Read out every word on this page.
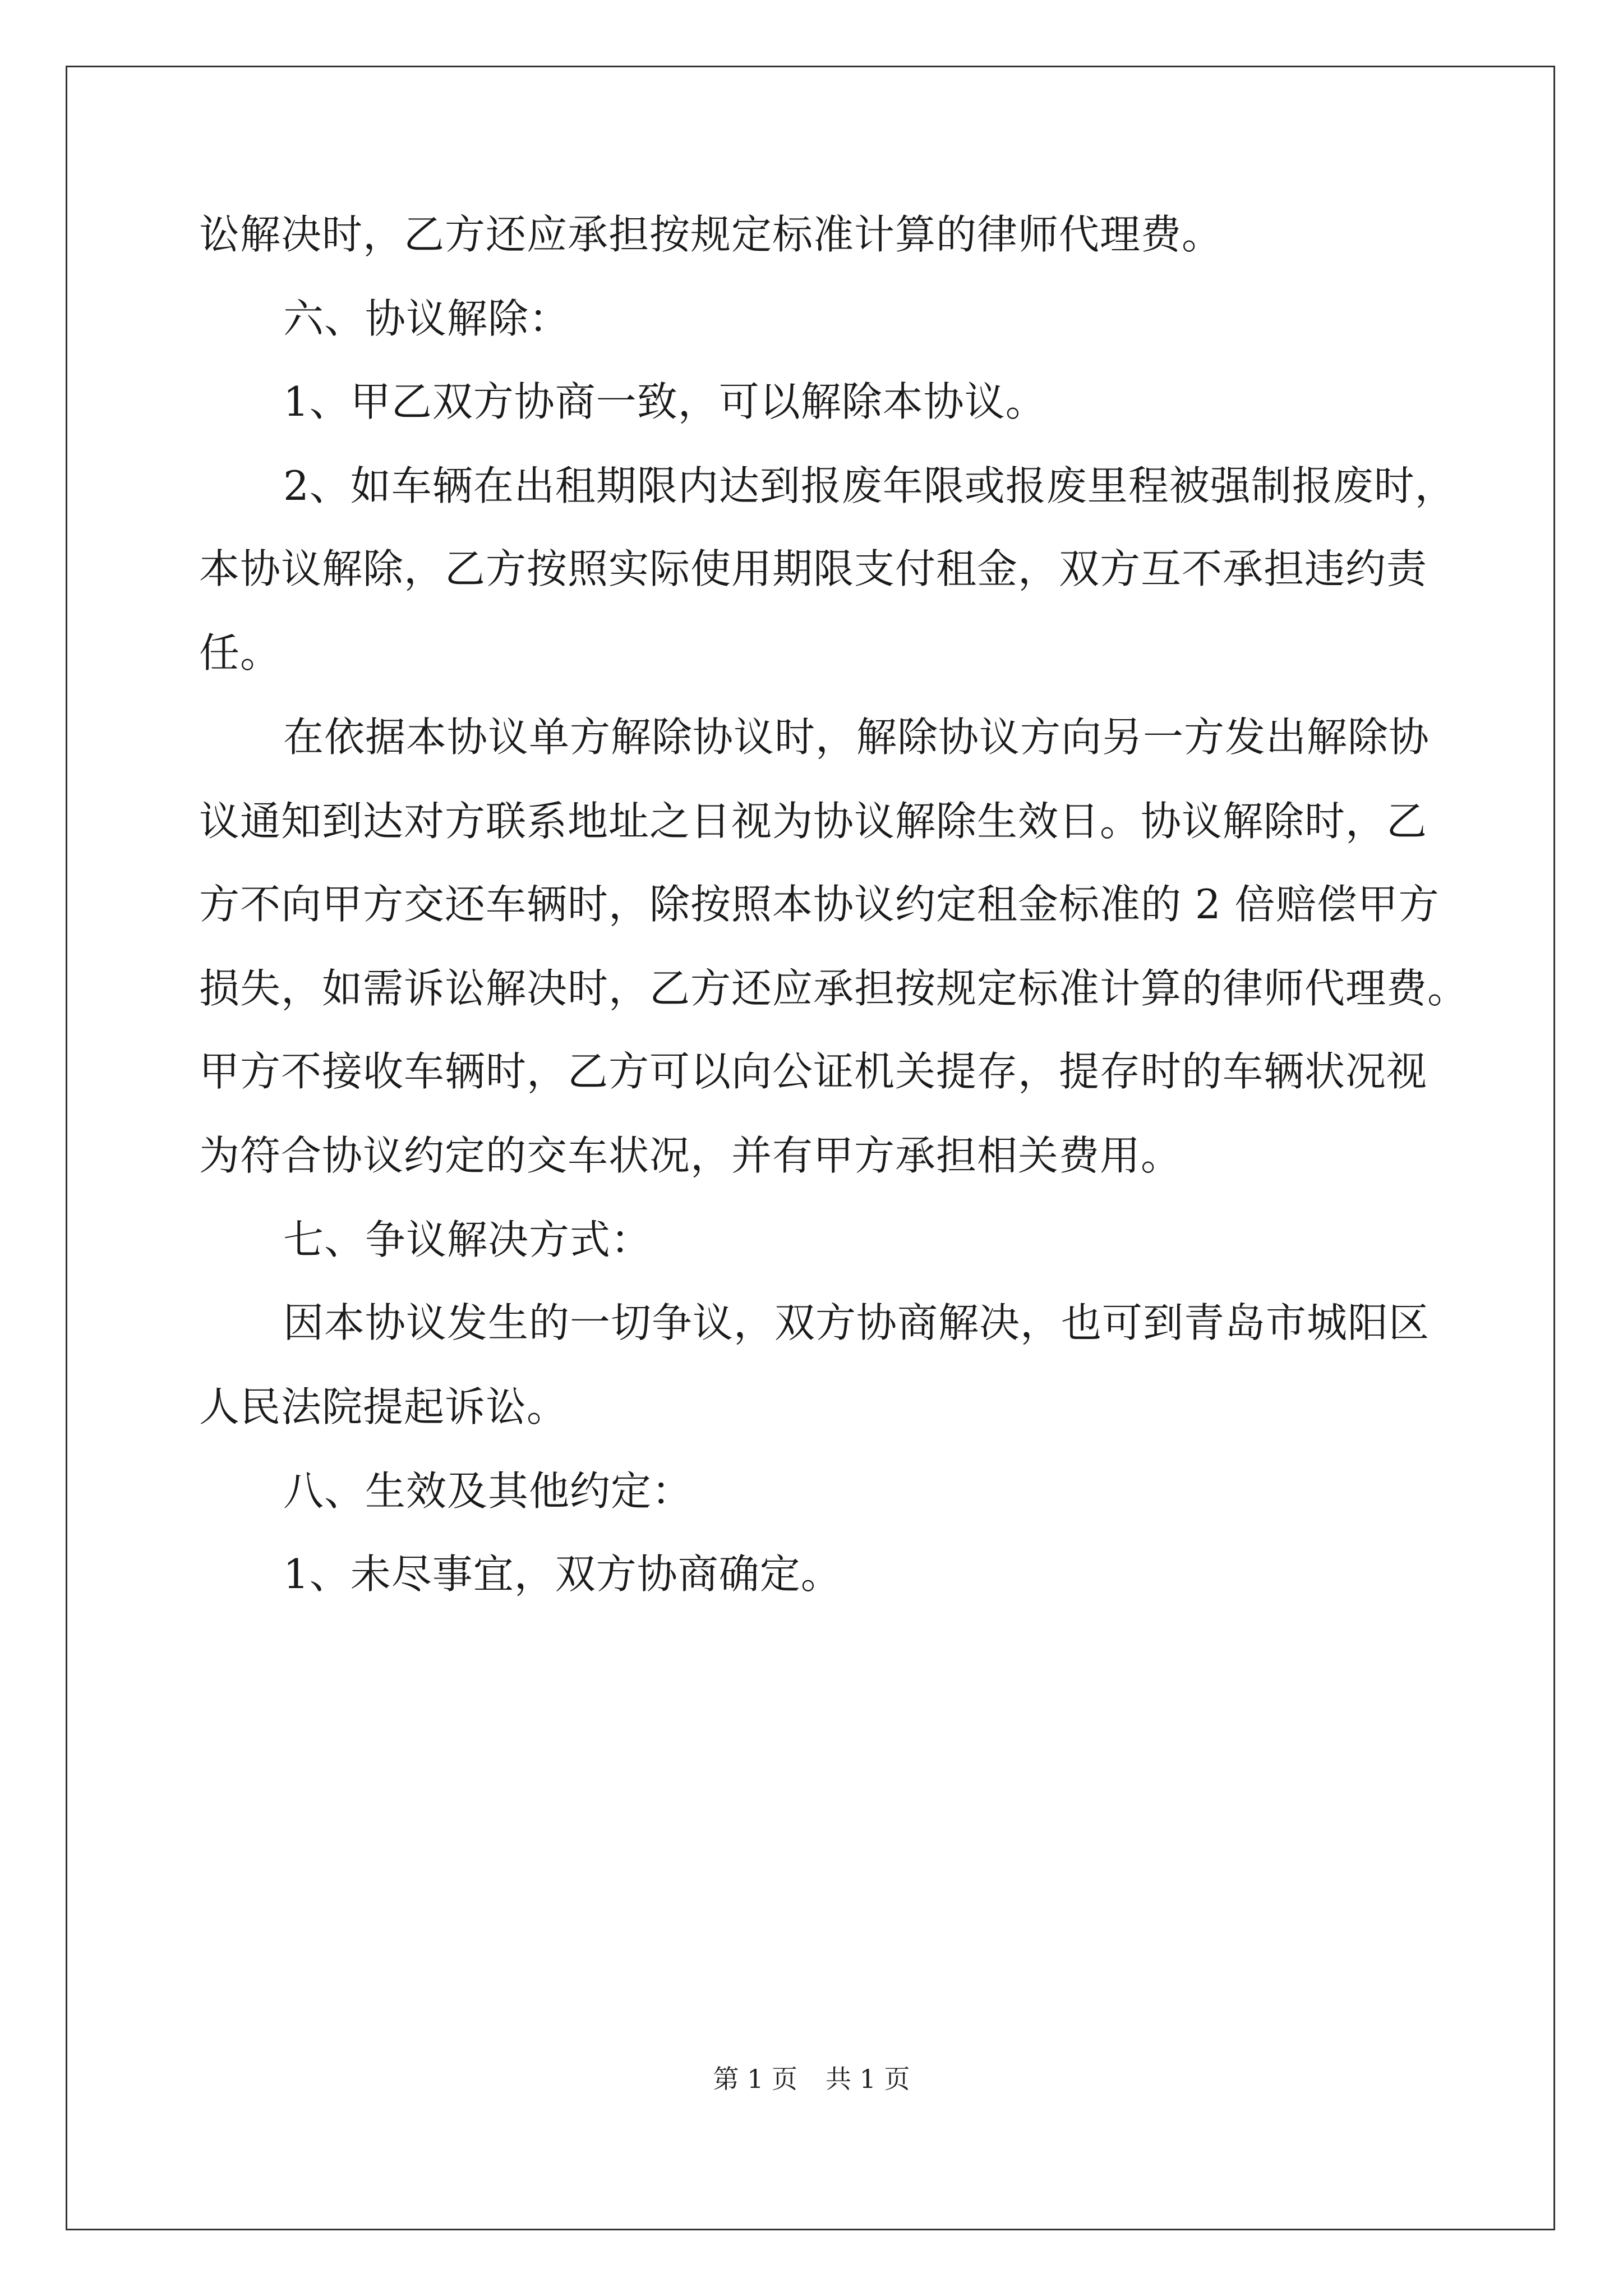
讼解决时，乙方还应承担按规定标准计算的律师代理费。
六、协议解除：
1、甲乙双方协商一致，可以解除本协议。
2、如车辆在出租期限内达到报废年限或报废里程被强制报废时，
本协议解除，乙方按照实际使用期限支付租金，双方互不承担违约责
任。
在依据本协议单方解除协议时，解除协议方向另一方发出解除协
议通知到达对方联系地址之日视为协议解除生效日。协议解除时，乙
方不向甲方交还车辆时，除按照本协议约定租金标准的 2 倍赔偿甲方
损失，如需诉讼解决时，乙方还应承担按规定标准计算的律师代理费。
甲方不接收车辆时，乙方可以向公证机关提存，提存时的车辆状况视
为符合协议约定的交车状况，并有甲方承担相关费用。
七、争议解决方式：
因本协议发生的一切争议，双方协商解决，也可到青岛市城阳区
人民法院提起诉讼。
八、生效及其他约定：
1、未尽事宜，双方协商确定。
第 1 页 共 1 页
